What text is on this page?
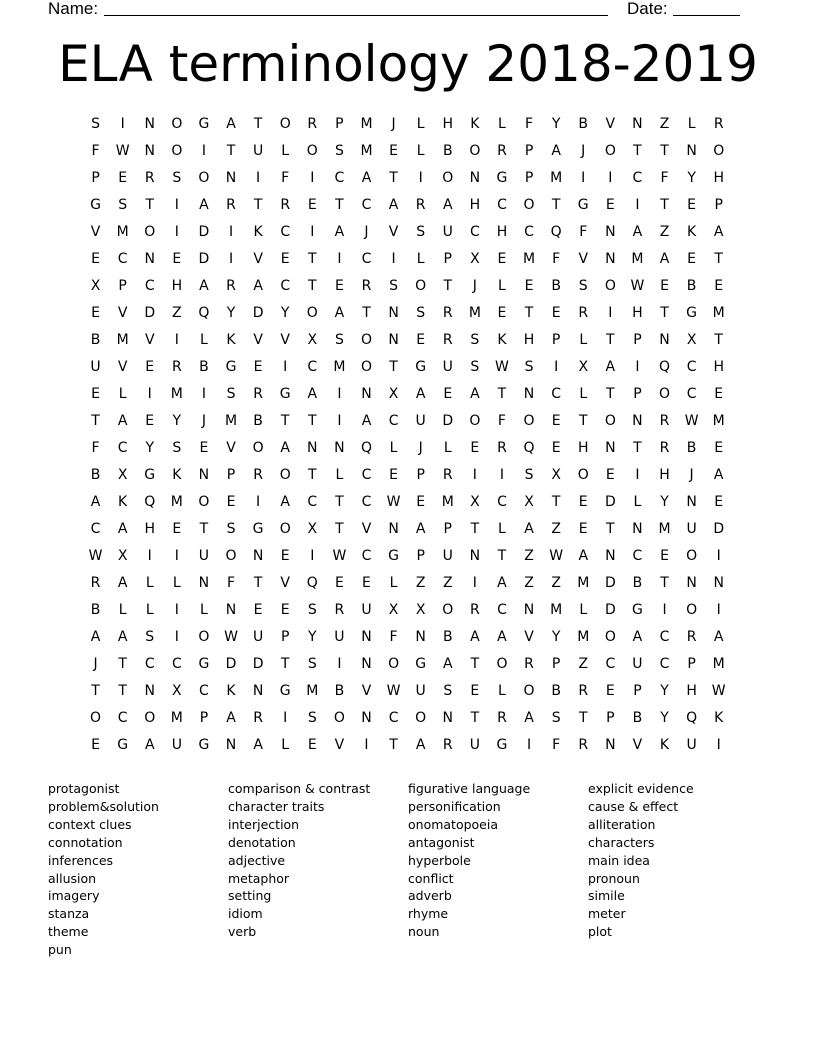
Name:	Date:
ELA terminology 2018-2019
S	I	N	O	G	A	T	O	R	P	M	J	L	H	K	L	F	Y	B	V	N	Z	L	R
F	W	N	O	I	T	U	L	O	S	M	E	L	B	O	R	P	A	J	O	T	T	N	O
P	E	R	S	O	N	I	F	I	C	A	T	I	O	N	G	P	M	I	I	C	F	Y	H
G	S	T	I	A	R	T	R	E	T	C	A	R	A	H	C	O	T	G	E	I	T	E	P
V	M	O	I	D	I	K	C	I	A	J	V	S	U	C	H	C	Q	F	N	A	Z	K	A
E	C	N	E	D	I	V	E	T	I	C	I	L	P	X	E	M	F	V	N	M	A	E	T
X	P	C	H	A	R	A	C	T	E	R	S	O	T	J	L	E	B	S	O	W	E	B	E
E	V	D	Z	Q	Y	D	Y	O	A	T	N	S	R	M	E	T	E	R	I	H	T	G	M
B	M	V	I	L	K	V	V	X	S	O	N	E	R	S	K	H	P	L	T	P	N	X	T
U	V	E	R	B	G	E	I	C	M	O	T	G	U	S	W	S	I	X	A	I	Q	C	H
E	L	I	M	I	S	R	G	A	I	N	X	A	E	A	T	N	C	L	T	P	O	C	E
T	A	E	Y	J	M	B	T	T	I	A	C	U	D	O	F	O	E	T	O	N	R	W	M
F	C	Y	S	E	V	O	A	N	N	Q	L	J	L	E	R	Q	E	H	N	T	R	B	E
B	X	G	K	N	P	R	O	T	L	C	E	P	R	I	I	S	X	O	E	I	H	J	A
A	K	Q	M	O	E	I	A	C	T	C	W	E	M	X	C	X	T	E	D	L	Y	N	E
C	A	H	E	T	S	G	O	X	T	V	N	A	P	T	L	A	Z	E	T	N	M	U	D
W	X	I	I	U	O	N	E	I	W	C	G	P	U	N	T	Z	W	A	N	C	E	O	I
R	A	L	L	N	F	T	V	Q	E	E	L	Z	Z	I	A	Z	Z	M	D	B	T	N	N
B	L	L	I	L	N	E	E	S	R	U	X	X	O	R	C	N	M	L	D	G	I	O	I
A	A	S	I	O	W	U	P	Y	U	N	F	N	B	A	A	V	Y	M	O	A	C	R	A
J	T	C	C	G	D	D	T	S	I	N	O	G	A	T	O	R	P	Z	C	U	C	P	M
T	T	N	X	C	K	N	G	M	B	V	W	U	S	E	L	O	B	R	E	P	Y	H	W
O	C	O	M	P	A	R	I	S	O	N	C	O	N	T	R	A	S	T	P	B	Y	Q	K
E	G	A	U	G	N	A	L	E	V	I	T	A	R	U	G	I	F	R	N	V	K	U	I
protagonist
problem&solution
context clues
connotation
inferences
allusion
imagery
stanza
theme
pun
comparison & contrast
character traits
interjection
denotation
adjective
metaphor
setting
idiom
verb
figurative language
personification
onomatopoeia
antagonist
hyperbole
conflict
adverb
rhyme
noun
explicit evidence
cause & effect
alliteration
characters
main idea
pronoun
simile
meter
plot
